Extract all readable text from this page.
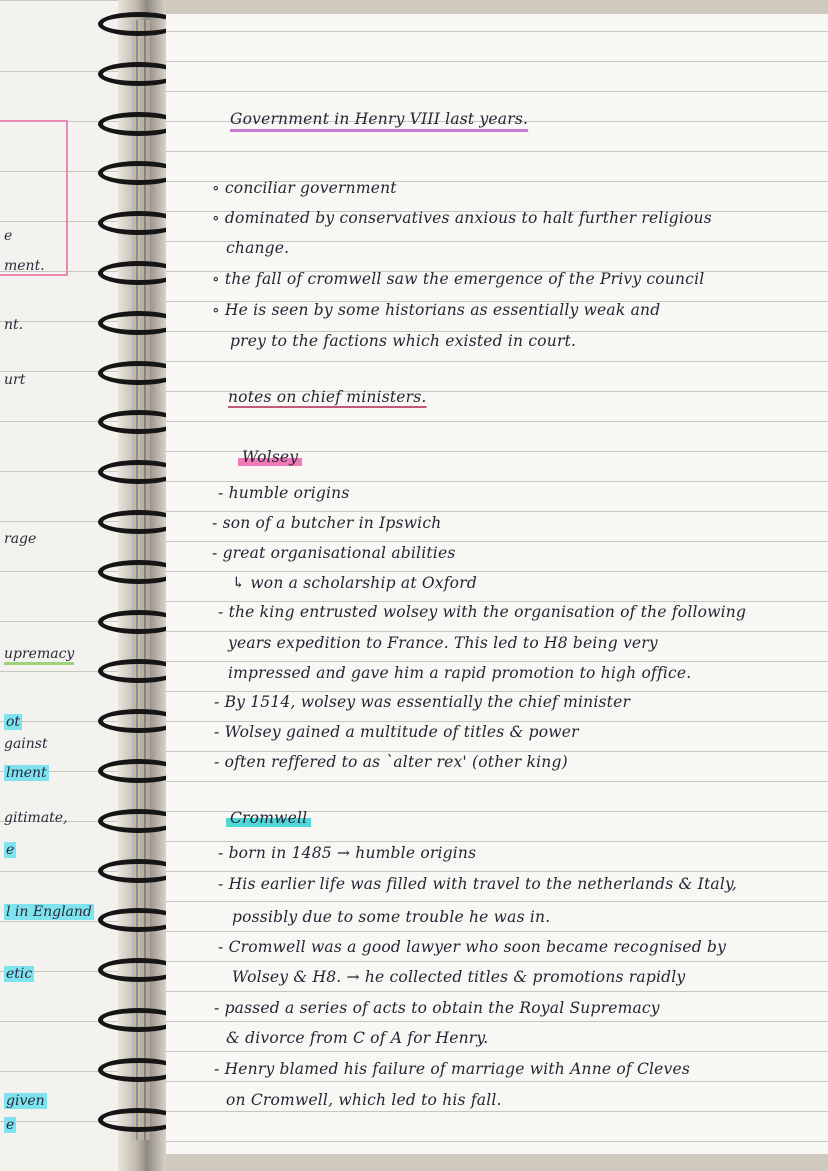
e
ment.
nt.
urt
rage
upremacy
ot
gainst
lment
gitimate,
e
l in England
etic
given
e
Government in Henry VIII last years.
∘ conciliar government
∘ dominated by conservatives anxious to halt further religious
change.
∘ the fall of cromwell saw the emergence of the Privy council
∘ He is seen by some historians as essentially weak and
prey to the factions which existed in court.
notes on chief ministers.
Wolsey
- humble origins
- son of a butcher in Ipswich
- great organisational abilities
↳ won a scholarship at Oxford
- the king entrusted wolsey with the organisation of the following
years expedition to France. This led to H8 being very
impressed and gave him a rapid promotion to high office.
- By 1514, wolsey was essentially the chief minister
- Wolsey gained a multitude of titles & power
- often reffered to as `alter rex' (other king)
Cromwell
- born in 1485 → humble origins
- His earlier life was filled with travel to the netherlands & Italy,
possibly due to some trouble he was in.
- Cromwell was a good lawyer who soon became recognised by
Wolsey & H8. → he collected titles & promotions rapidly
- passed a series of acts to obtain the Royal Supremacy
& divorce from C of A for Henry.
- Henry blamed his failure of marriage with Anne of Cleves
on Cromwell, which led to his fall.
